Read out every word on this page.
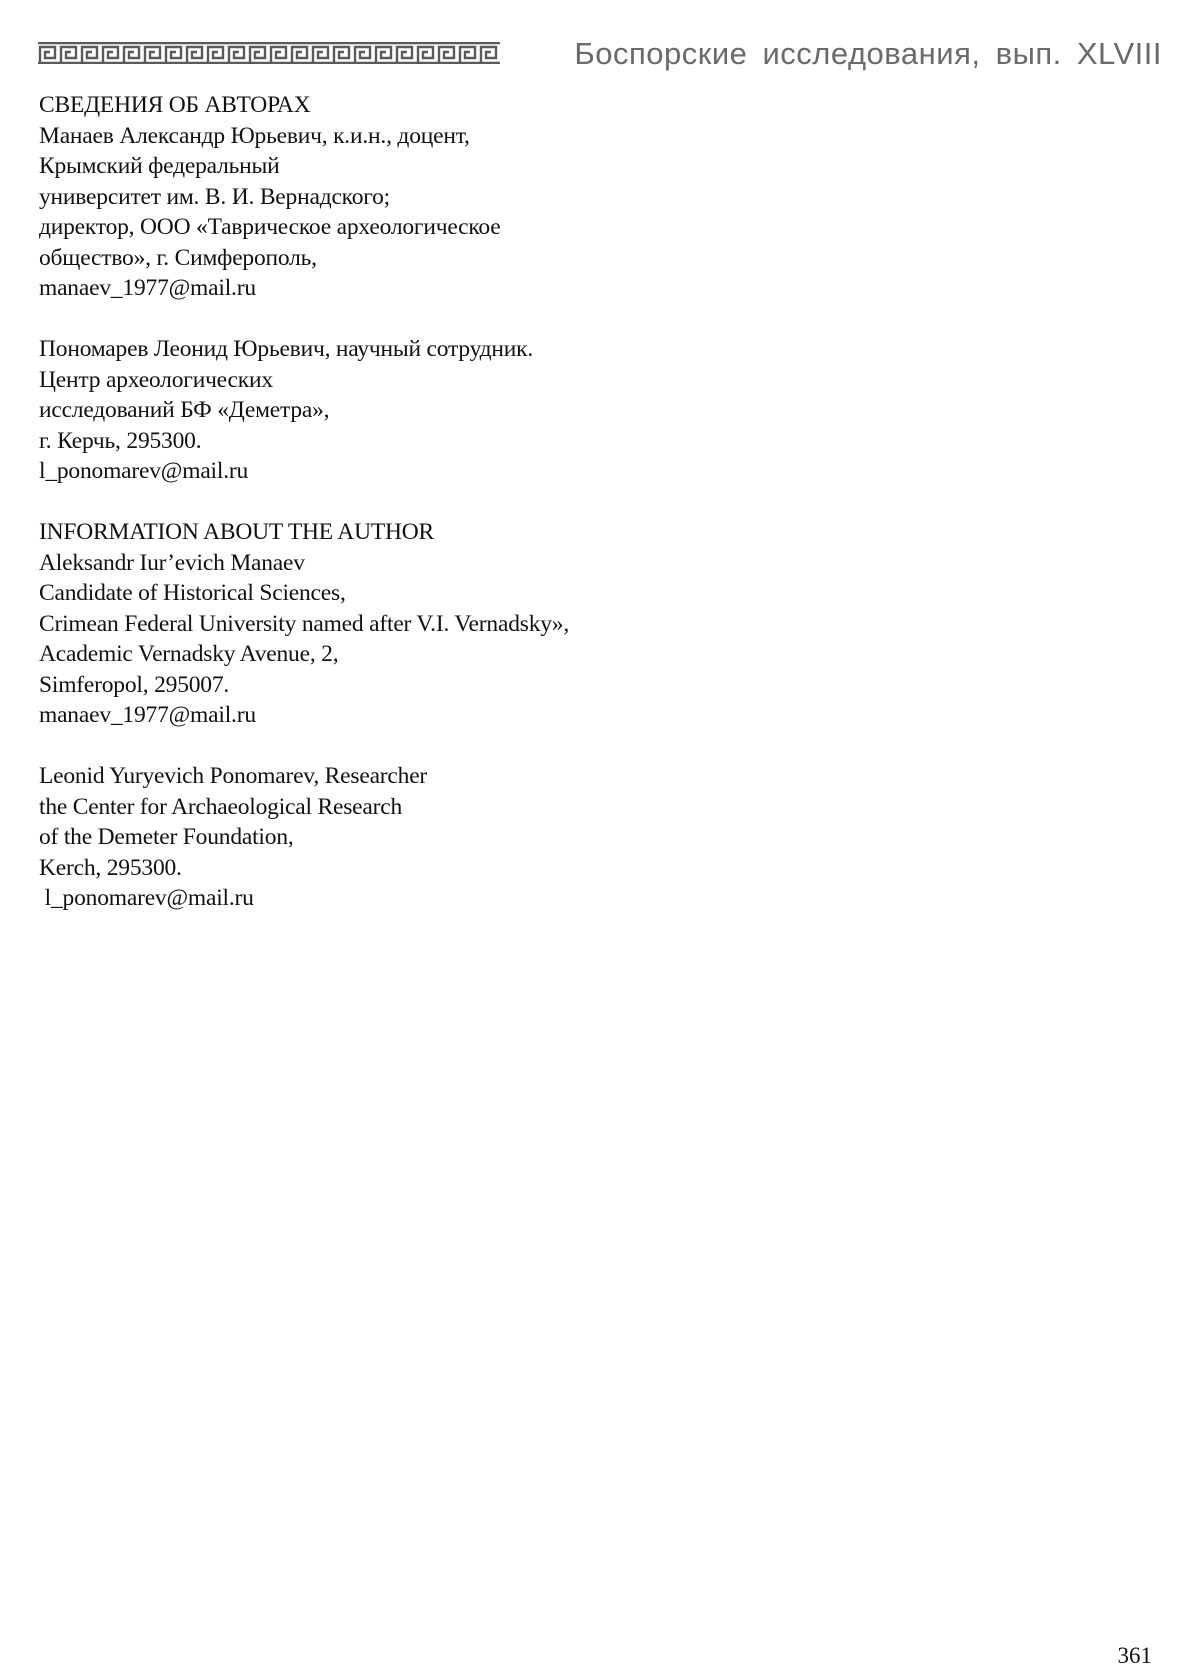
Боспорские исследования, вып. XLVIII
СВЕДЕНИЯ ОБ АВТОРАХ
Манаев Александр Юрьевич, к.и.н., доцент,
Крымский федеральный
университет им. В. И. Вернадского;
директор, ООО «Таврическое археологическое
общество», г. Симферополь,
manaev_1977@mail.ru
Пономарев Леонид Юрьевич, научный сотрудник.
Центр археологических
исследований БФ «Деметра»,
г. Керчь, 295300.
l_ponomarev@mail.ru
INFORMATION ABOUT THE AUTHOR
Aleksandr Iur’evich Manaev
Candidate of Historical Sciences,
Crimean Federal University named after V.I. Vernadsky»,
Academic Vernadsky Avenue, 2,
Simferopol, 295007.
manaev_1977@mail.ru
Leonid Yuryevich Ponomarev, Researcher
the Center for Archaeological Research
of the Demeter Foundation,
Kerch, 295300.
l_ponomarev@mail.ru
361
